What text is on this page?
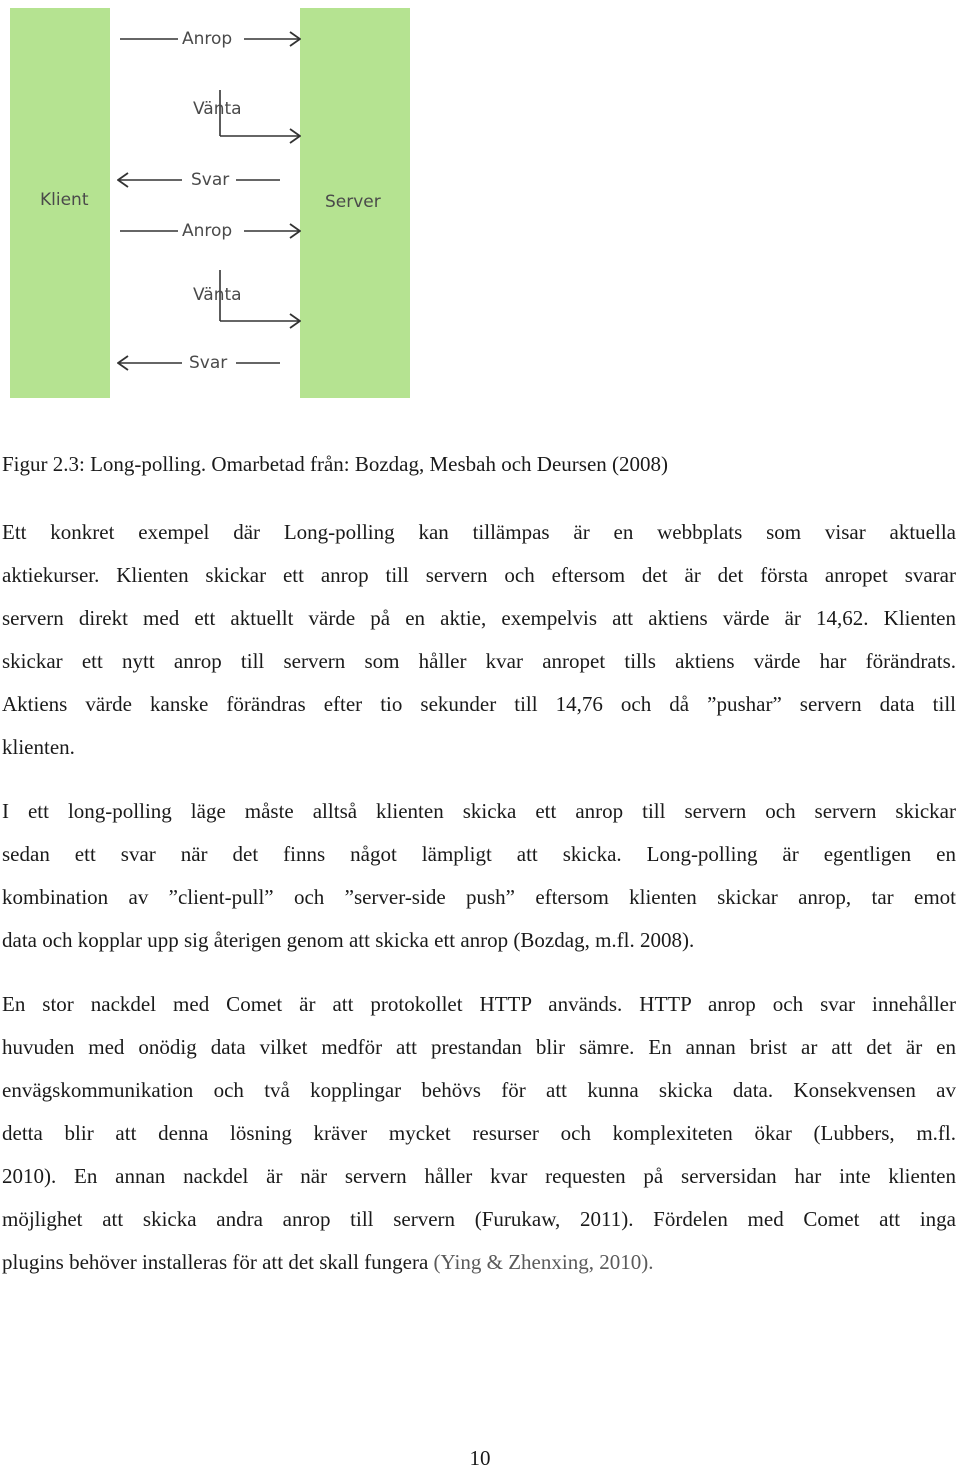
Klient	Server
Anrop
Vänta
Svar
Anrop
Vänta
Svar
Figur 2.3: Long-polling. Omarbetad från: Bozdag, Mesbah och Deursen (2008)
Ett konkret exempel där Long-polling kan tillämpas är en webbplats som visar aktuella
aktiekurser. Klienten skickar ett anrop till servern och eftersom det är det första anropet svarar
servern direkt med ett aktuellt värde på en aktie, exempelvis att aktiens värde är 14,62. Klienten
skickar ett nytt anrop till servern som håller kvar anropet tills aktiens värde har förändrats.
Aktiens värde kanske förändras efter tio sekunder till 14,76 och då ”pushar” servern data till
klienten.
I ett long-polling läge måste alltså klienten skicka ett anrop till servern och servern skickar
sedan ett svar när det finns något lämpligt att skicka. Long-polling är egentligen en
kombination av ”client-pull” och ”server-side push” eftersom klienten skickar anrop, tar emot
data och kopplar upp sig återigen genom att skicka ett anrop (Bozdag, m.fl. 2008).
En stor nackdel med Comet är att protokollet HTTP används. HTTP anrop och svar innehåller
huvuden med onödig data vilket medför att prestandan blir sämre. En annan brist ar att det är en
envägskommunikation och två kopplingar behövs för att kunna skicka data. Konsekvensen av
detta blir att denna lösning kräver mycket resurser och komplexiteten ökar (Lubbers, m.fl.
2010). En annan nackdel är när servern håller kvar requesten på serversidan har inte klienten
möjlighet att skicka andra anrop till servern (Furukaw, 2011). Fördelen med Comet att inga
plugins behöver installeras för att det skall fungera (Ying & Zhenxing, 2010).
10
